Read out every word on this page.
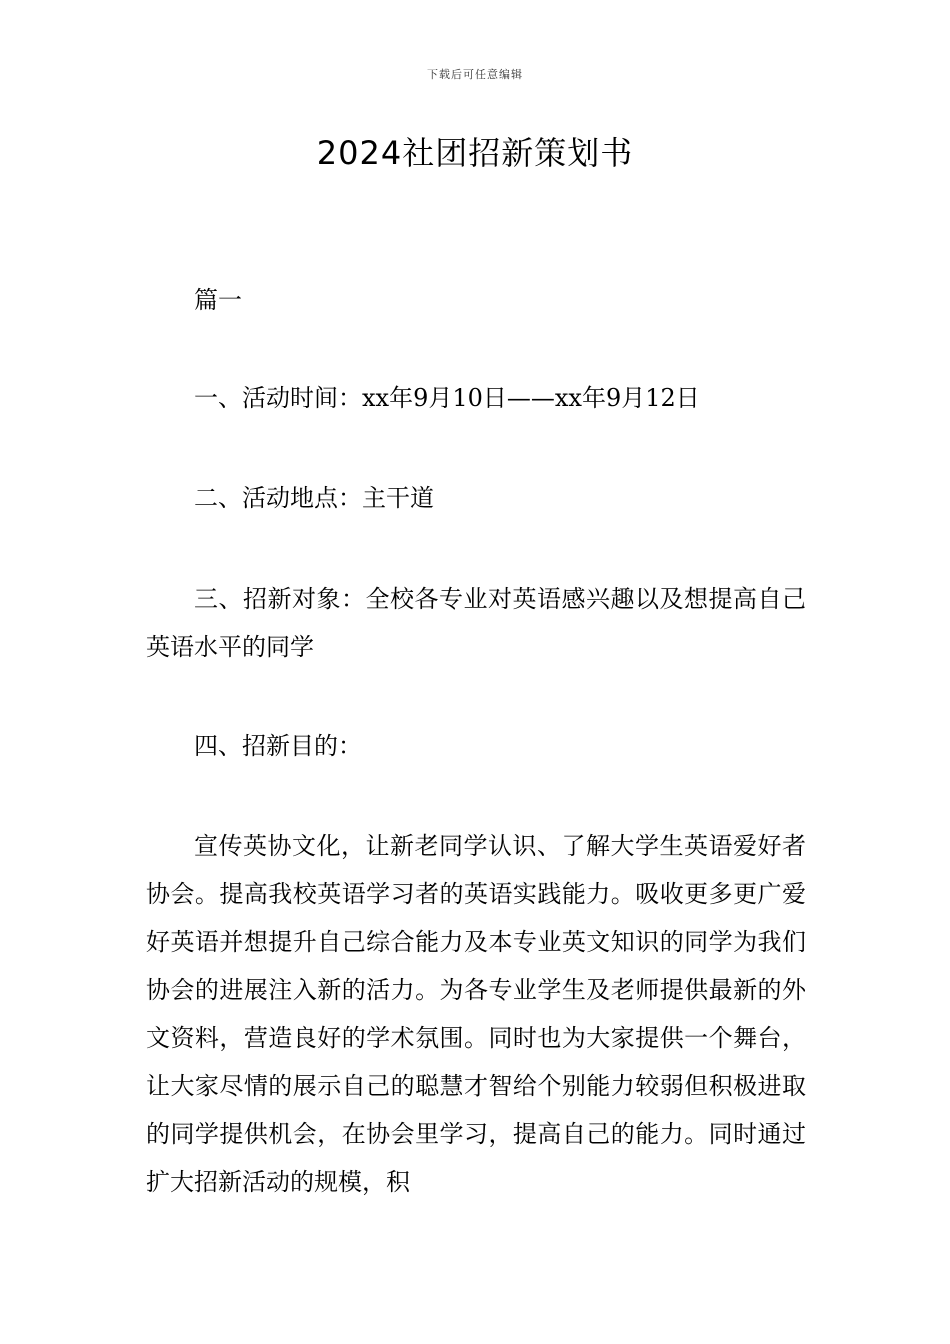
下载后可任意编辑
2024社团招新策划书

篇一

一、活动时间：xx年9月10日——xx年9月12日

二、活动地点：主干道

三、招新对象：全校各专业对英语感兴趣以及想提高自己英语水平的同学

四、招新目的：

宣传英协文化，让新老同学认识、了解大学生英语爱好者协会。提高我校英语学习者的英语实践能力。吸收更多更广爱好英语并想提升自己综合能力及本专业英文知识的同学为我们协会的进展注入新的活力。为各专业学生及老师提供最新的外文资料，营造良好的学术氛围。同时也为大家提供一个舞台，让大家尽情的展示自己的聪慧才智给个别能力较弱但积极进取的同学提供机会，在协会里学习，提高自己的能力。同时通过扩大招新活动的规模，积
